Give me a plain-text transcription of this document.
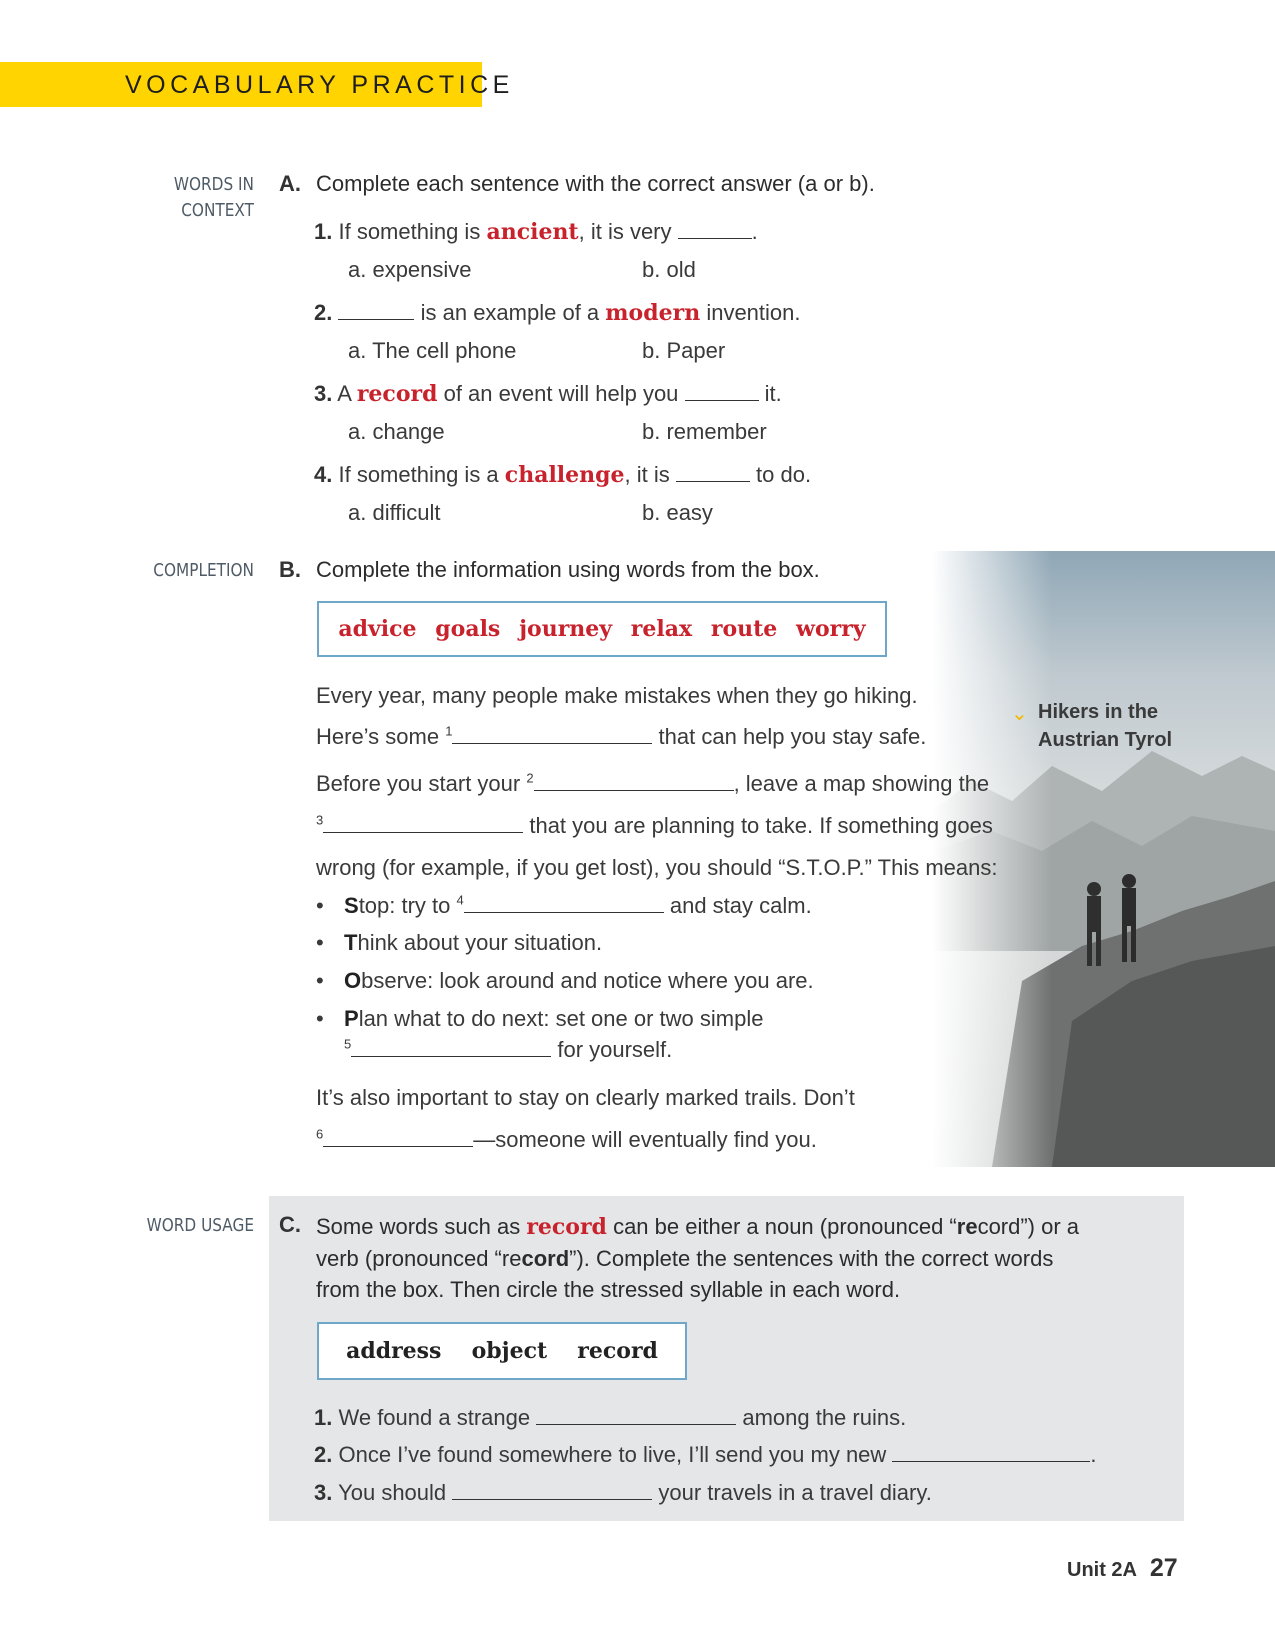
VOCABULARY PRACTICE
WORDS IN
CONTEXT
A. Complete each sentence with the correct answer (a or b).
1. If something is ancient, it is very	.
a. expensive	b. old
2.	is an example of a modern invention.
a. The cell phone	b. Paper
3. A record of an event will help you	it.
a. change	b. remember
4. If something is a challenge, it is	to do.
a. difficult	b. easy
⌄ Hikers in the
Austrian Tyrol
COMPLETION B. Complete the information using words from the box.
advice goals journey relax route worry
Every year, many people make mistakes when they go hiking.
Here’s some $^1$	that can help you stay safe.
Before you start your $^2$	, leave a map showing the
$^3$	that you are planning to take. If something goes
wrong (for example, if you get lost), you should “S.T.O.P.” This means:
• Stop: try to $^4$	and stay calm.
• Think about your situation.
• Observe: look around and notice where you are.
• Plan what to do next: set one or two simple
$^5$	for yourself.
It’s also important to stay on clearly marked trails. Don’t
$^6$	—someone will eventually find you.
WORD USAGE C. Some words such as record can be either a noun (pronounced “record”) or a
verb (pronounced “record”). Complete the sentences with the correct words
from the box. Then circle the stressed syllable in each word.
address object record
1. We found a strange	among the ruins.
2. Once I’ve found somewhere to live, I’ll send you my new	.
3. You should	your travels in a travel diary.
Unit 2A 27
